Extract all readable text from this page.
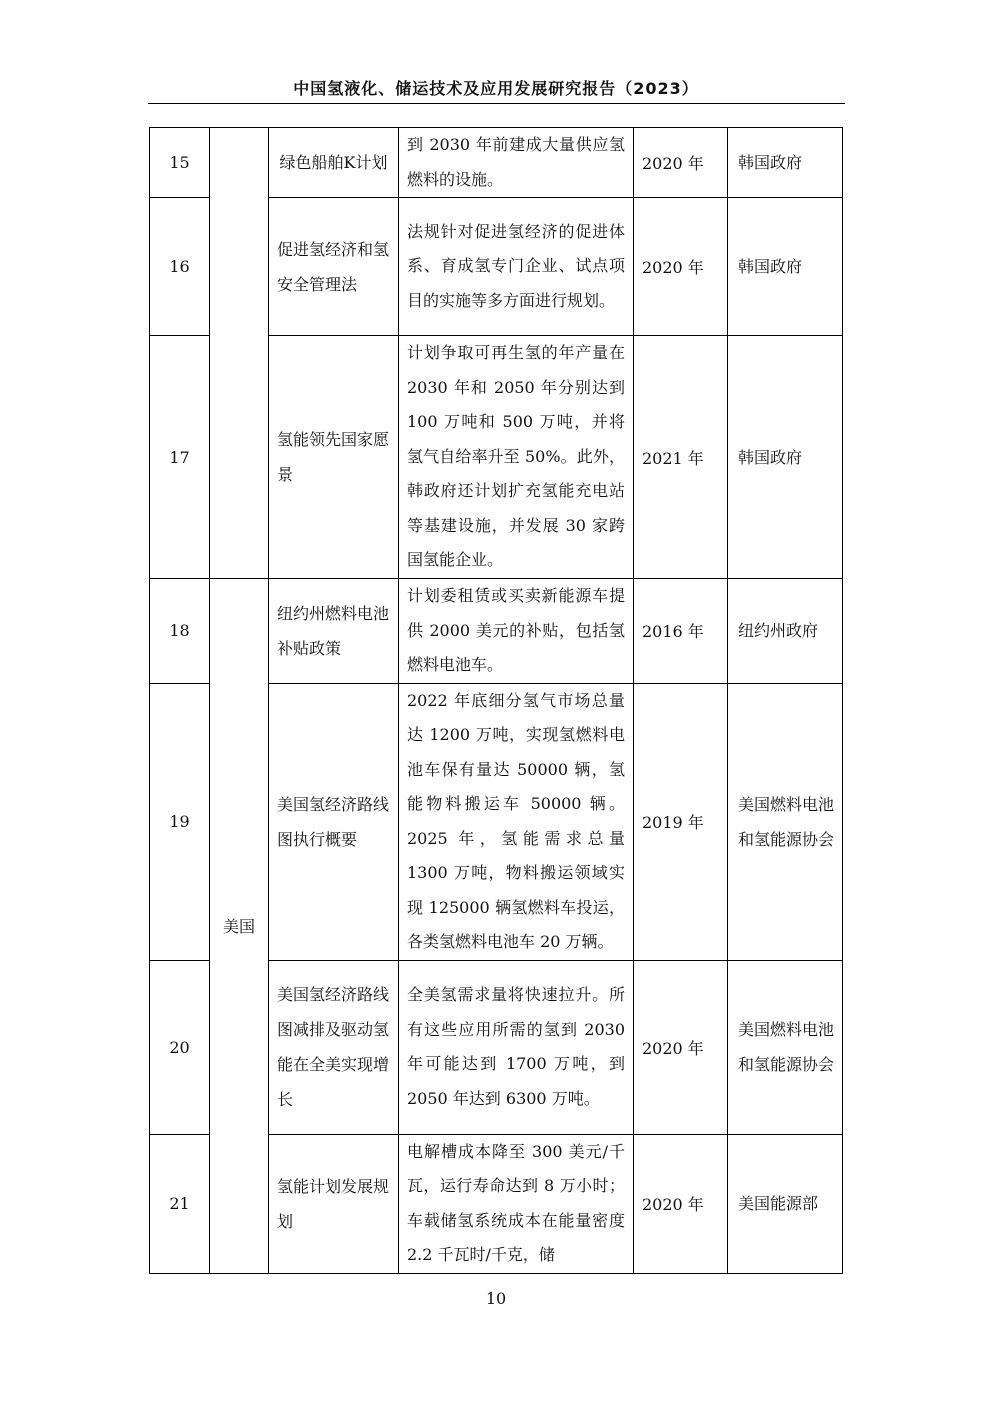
中国氢液化、储运技术及应用发展研究报告（2023）
15		绿色船舶K计划	到 2030 年前建成大量供应氢燃料的设施。	2020 年	韩国政府
16		促进氢经济和氢安全管理法	法规针对促进氢经济的促进体系、育成氢专门企业、试点项目的实施等多方面进行规划。	2020 年	韩国政府
17		氢能领先国家愿景	计划争取可再生氢的年产量在 2030 年和 2050 年分别达到 100 万吨和 500 万吨，并将氢气自给率升至 50%。此外，韩政府还计划扩充氢能充电站等基建设施，并发展 30 家跨国氢能企业。	2021 年	韩国政府
18	美国	纽约州燃料电池补贴政策	计划委租赁或买卖新能源车提供 2000 美元的补贴，包括氢燃料电池车。	2016 年	纽约州政府
19		美国氢经济路线图执行概要	2022 年底细分氢气市场总量达 1200 万吨，实现氢燃料电池车保有量达 50000 辆，氢能物料搬运车 50000 辆。2025 年，氢能需求总量 1300 万吨，物料搬运领域实现 125000 辆氢燃料车投运，各类氢燃料电池车 20 万辆。	2019 年	美国燃料电池和氢能源协会

20		美国氢经济路线图减排及驱动氢能在全美实现增长	全美氢需求量将快速拉升。所有这些应用所需的氢到 2030 年可能达到 1700 万吨，到 2050 年达到 6300 万吨。	2020 年	美国燃料电池和氢能源协会

21		氢能计划发展规划	电解槽成本降至 300 美元/千瓦，运行寿命达到 8 万小时；车载储氢系统成本在能量密度 2.2 千瓦时/千克，储	2020 年	美国能源部
10
